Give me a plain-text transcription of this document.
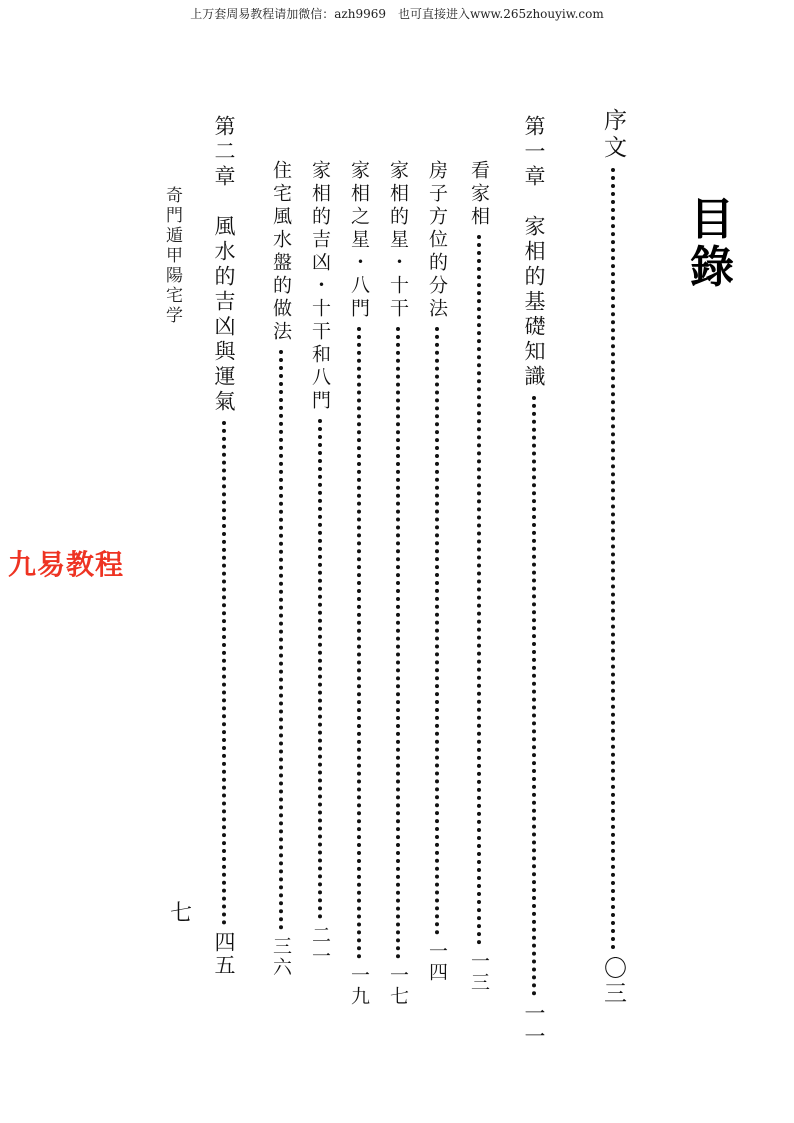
上万套周易教程请加微信：azh9969　也可直接进入www.265zhouyiw.com
目
錄
九易教程
奇門遁甲陽宅学
七
序文〇三
第一章　家相的基礎知識一一
看家相一三
房子方位的分法一四
家相的星・十干一七
家相之星・八門一九
家相的吉凶・十干和八門二一
住宅風水盤的做法三六
第二章　風水的吉凶與運氣四五
